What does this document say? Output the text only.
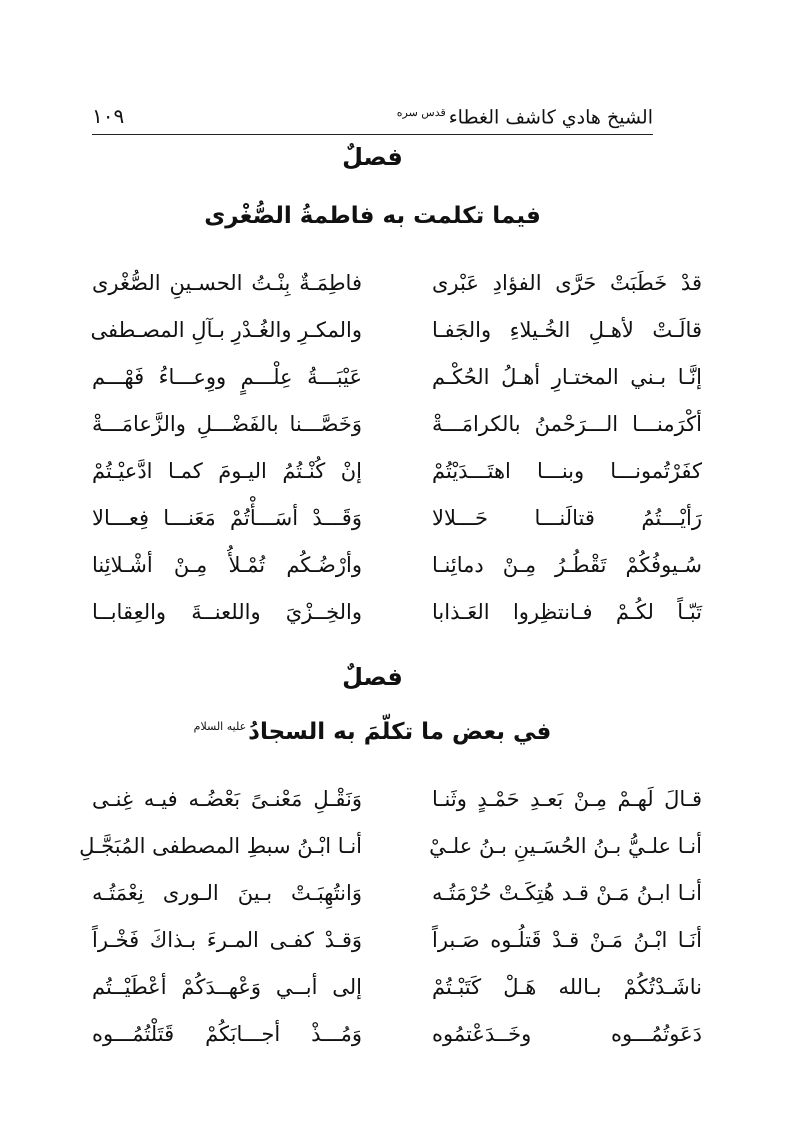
الشيخ هادي كاشف الغطاء$^{قدس سره}$
١٠٩
فصلٌ
فيما تكلمت به فاطمةُ الصُّغْرى
قدْ خَطَبَتْ حَرَّى الفؤادِ عَبْرى
فاطِمَـةٌ بِنْـتُ الحسـينِ الصُّغْرى
قالَـتْ لأهـلِ الخُـيلاءِ والجَفـا
والمكـرِ والغُـدْرِ بـآلِ المصـطفى
إنَّـا بـني المختـارِ أهـلُ الحُكْـم
عَيْبَـــةُ عِلْـــمٍ ووِعـــاءُ فَهْـــم
أكْرَمنـــا الـــرَحْمنُ بالكرامَـــةْ
وَخَصَّـــنا بالفَضْـــلِ والزَّعامَـــةْ
كفَرْتُمونـــا وبنـــا اهتَـــدَيْتُمْ
إنْ كُنْـتُمُ اليـومَ كمـا ادَّعيْـتُمْ
رَأيْـــتُمُ قتالَنـــا حَـــلالا
وَقَـــدْ أسَـــأْتُمْ مَعَنـــا فِعـــالا
سُـيوفُكُمْ تَقْطُـرُ مِـنْ دمائِنـا
وأرْضُـكُم تُمْـلأُ مِـنْ أشْـلائِنا
تَبّـاً لكُـمْ فـانتظِروا العَـذابا
والخِــزْيَ واللعنــةَ والعِقابــا
فصلٌ
في بعض ما تكلّمَ به السجادُ$^{عليه السلام}$
قـالَ لَهـمْ مِـنْ بَعـدِ حَمْـدٍ وثَنـا
وَنَقْـلِ مَعْنـىً بَعْضُـه فيـه غِنـى
أنـا علـيُّ بـنُ الحُسَـينِ بـنُ علـيْ
أنـا ابْـنُ سبطِ المصطفى المُبَجَّـلِ
أنـا ابـنُ مَـنْ قـد هُتِكَـتْ حُرْمَتُـه
وَانتُهِبَـتْ بـينَ الـورى نِعْمَتُـه
أنَـا ابْـنُ مَـنْ قـدْ قَتلُـوه صَـبراً
وَقـدْ كفـى المـرءَ بـذاكَ فَخْـراً
ناشَـدْتُكُمْ بـالله هَـلْ كَتَبْـتُمْ
إلى أبــي وَعْهــدَكُمْ أعْطَيْــتُم
دَعَوتُمُـــوه وخَــدَعْتمُوه
وَمُـــذْ أجـــابَكُمْ قَتَلْتُمُـــوه
